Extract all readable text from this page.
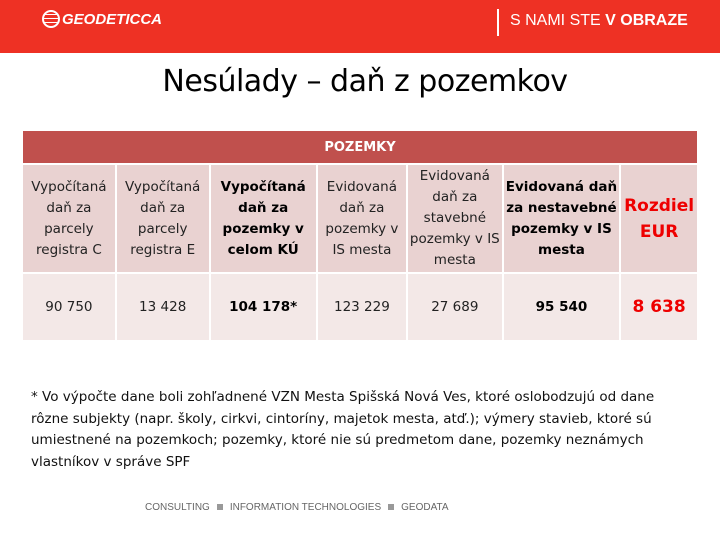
GEODETICCA	S NAMI STE V OBRAZE
Nesúlady – daň z pozemkov
POZEMKY						
Vypočítaná daň za parcely registra C	Vypočítaná daň za parcely registra E	Vypočítaná daň za pozemky v celom KÚ	Evidovaná daň za pozemky v IS mesta	Evidovaná daň za stavebné pozemky v IS mesta	Evidovaná daň za nestavebné pozemky v IS mesta	Rozdiel EUR
90 750	13 428	104 178*	123 229	27 689	95 540	8 638
* Vo výpočte dane boli zohľadnené VZN Mesta Spišská Nová Ves, ktoré oslobodzujú od dane rôzne subjekty (napr. školy, cirkvi, cintoríny, majetok mesta, atď.); výmery stavieb, ktoré sú umiestnené na pozemkoch; pozemky, ktoré nie sú predmetom dane, pozemky neznámych vlastníkov v správe SPF
CONSULTING INFORMATION TECHNOLOGIES GEODATA
